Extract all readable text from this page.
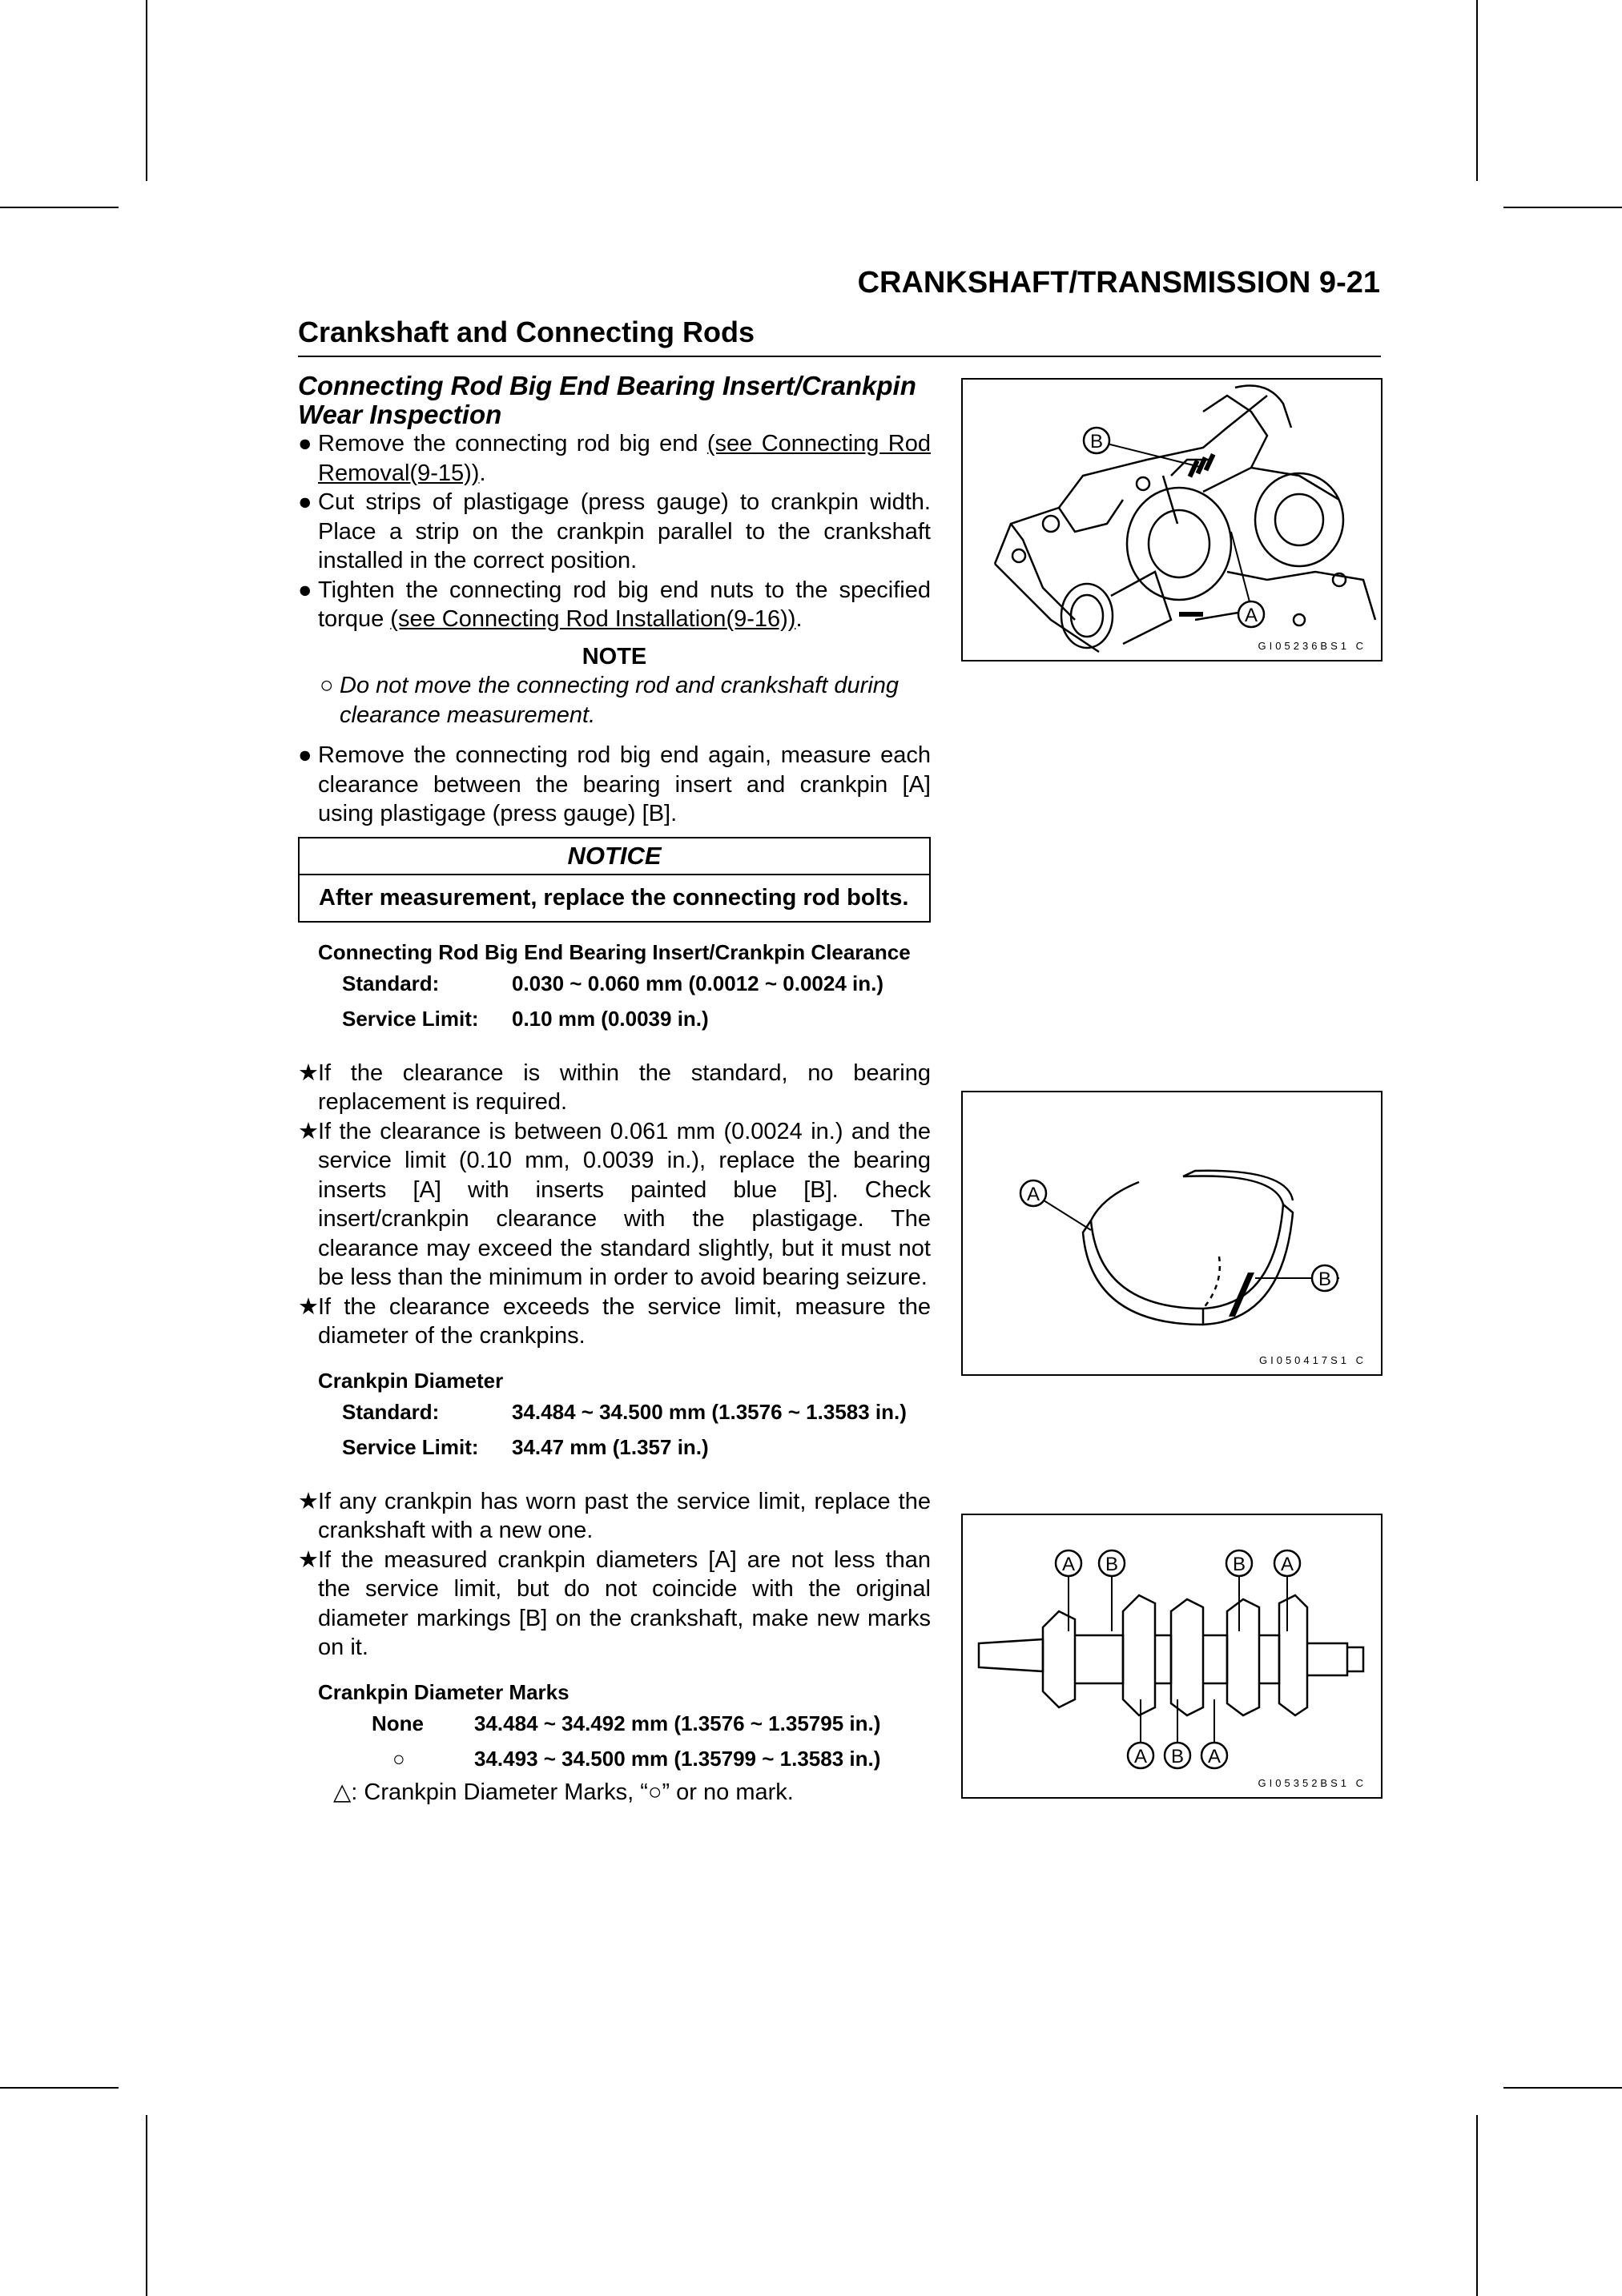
CRANKSHAFT/TRANSMISSION 9-21
Crankshaft and Connecting Rods
Connecting Rod Big End Bearing Insert/Crankpin
Wear Inspection
● Remove the connecting rod big end (see Connecting Rod Removal(9-15)).
● Cut strips of plastigage (press gauge) to crankpin width. Place a strip on the crankpin parallel to the crankshaft installed in the correct position.
● Tighten the connecting rod big end nuts to the specified torque (see Connecting Rod Installation(9-16)).
NOTE
○ Do not move the connecting rod and crankshaft during clearance measurement.
● Remove the connecting rod big end again, measure each clearance between the bearing insert and crankpin [A] using plastigage (press gauge) [B].
NOTICE
After measurement, replace the connecting rod bolts.
Connecting Rod Big End Bearing Insert/Crankpin Clearance
Standard:	0.030 ~ 0.060 mm (0.0012 ~ 0.0024 in.)
Service Limit:	0.10 mm (0.0039 in.)
★ If the clearance is within the standard, no bearing replacement is required.
★ If the clearance is between 0.061 mm (0.0024 in.) and the service limit (0.10 mm, 0.0039 in.), replace the bearing inserts [A] with inserts painted blue [B]. Check insert/crankpin clearance with the plastigage. The clearance may exceed the standard slightly, but it must not be less than the minimum in order to avoid bearing seizure.
★ If the clearance exceeds the service limit, measure the diameter of the crankpins.
Crankpin Diameter
Standard:	34.484 ~ 34.500 mm (1.3576 ~ 1.3583 in.)
Service Limit:	34.47 mm (1.357 in.)
★ If any crankpin has worn past the service limit, replace the crankshaft with a new one.
★ If the measured crankpin diameters [A] are not less than the service limit, but do not coincide with the original diameter markings [B] on the crankshaft, make new marks on it.
Crankpin Diameter Marks
None	34.484 ~ 34.492 mm (1.3576 ~ 1.35795 in.)
○	34.493 ~ 34.500 mm (1.35799 ~ 1.3583 in.)
△: Crankpin Diameter Marks, “○” or no mark.
B
A
GI05236BS1 C
A
B
GI050417S1 C
A B	B A
A B A
GI05352BS1 C
